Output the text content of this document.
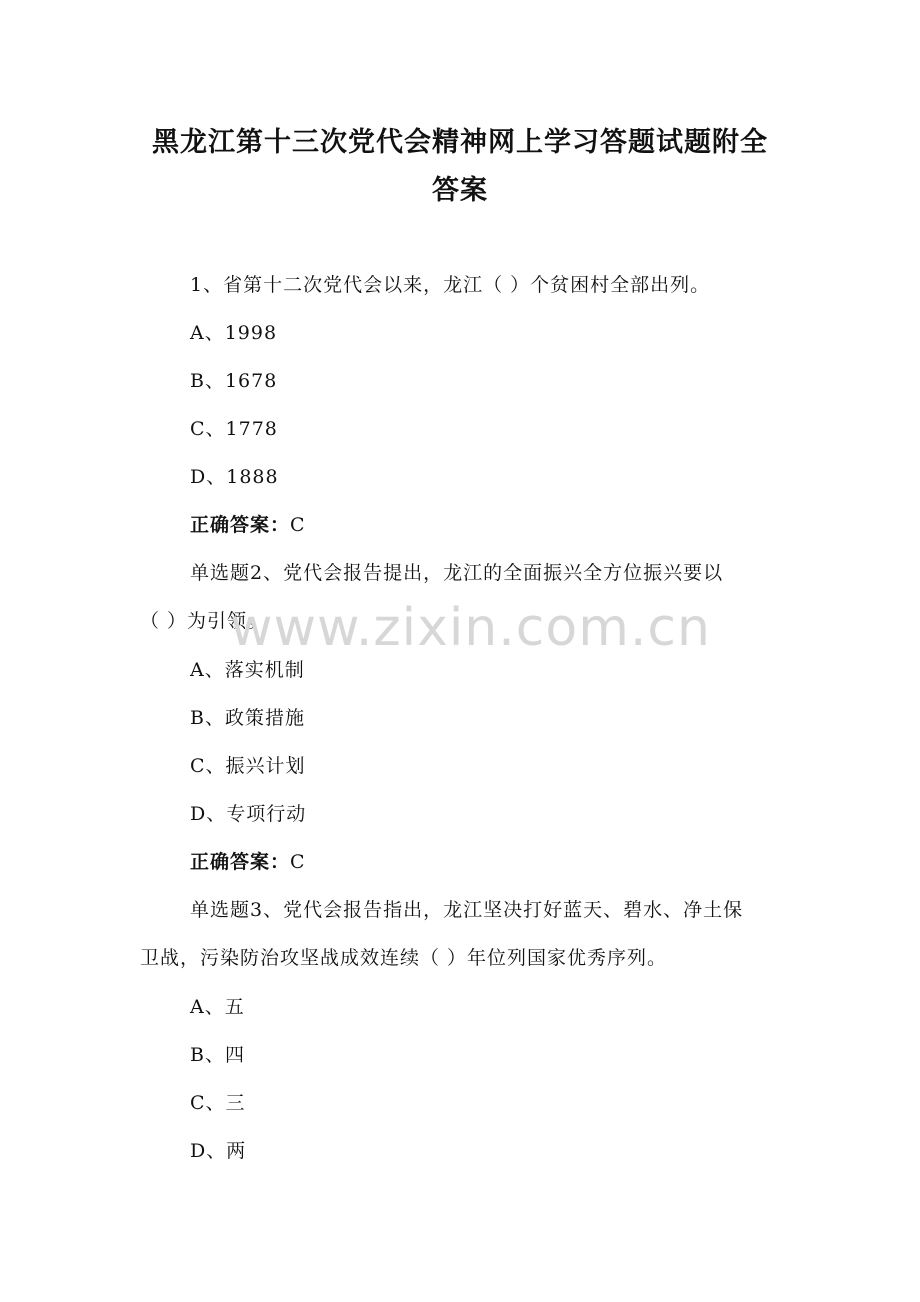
黑龙江第十三次党代会精神网上学习答题试题附全
答案
1、省第十二次党代会以来，龙江（ ）个贫困村全部出列。
A、1998
B、1678
C、1778
D、1888
正确答案：C
单选题2、党代会报告提出，龙江的全面振兴全方位振兴要以
（ ）为引领。
A、落实机制
B、政策措施
C、振兴计划
D、专项行动
正确答案：C
单选题3、党代会报告指出，龙江坚决打好蓝天、碧水、净土保
卫战，污染防治攻坚战成效连续（ ）年位列国家优秀序列。
A、五
B、四
C、三
D、两
www.zixin.com.cn
